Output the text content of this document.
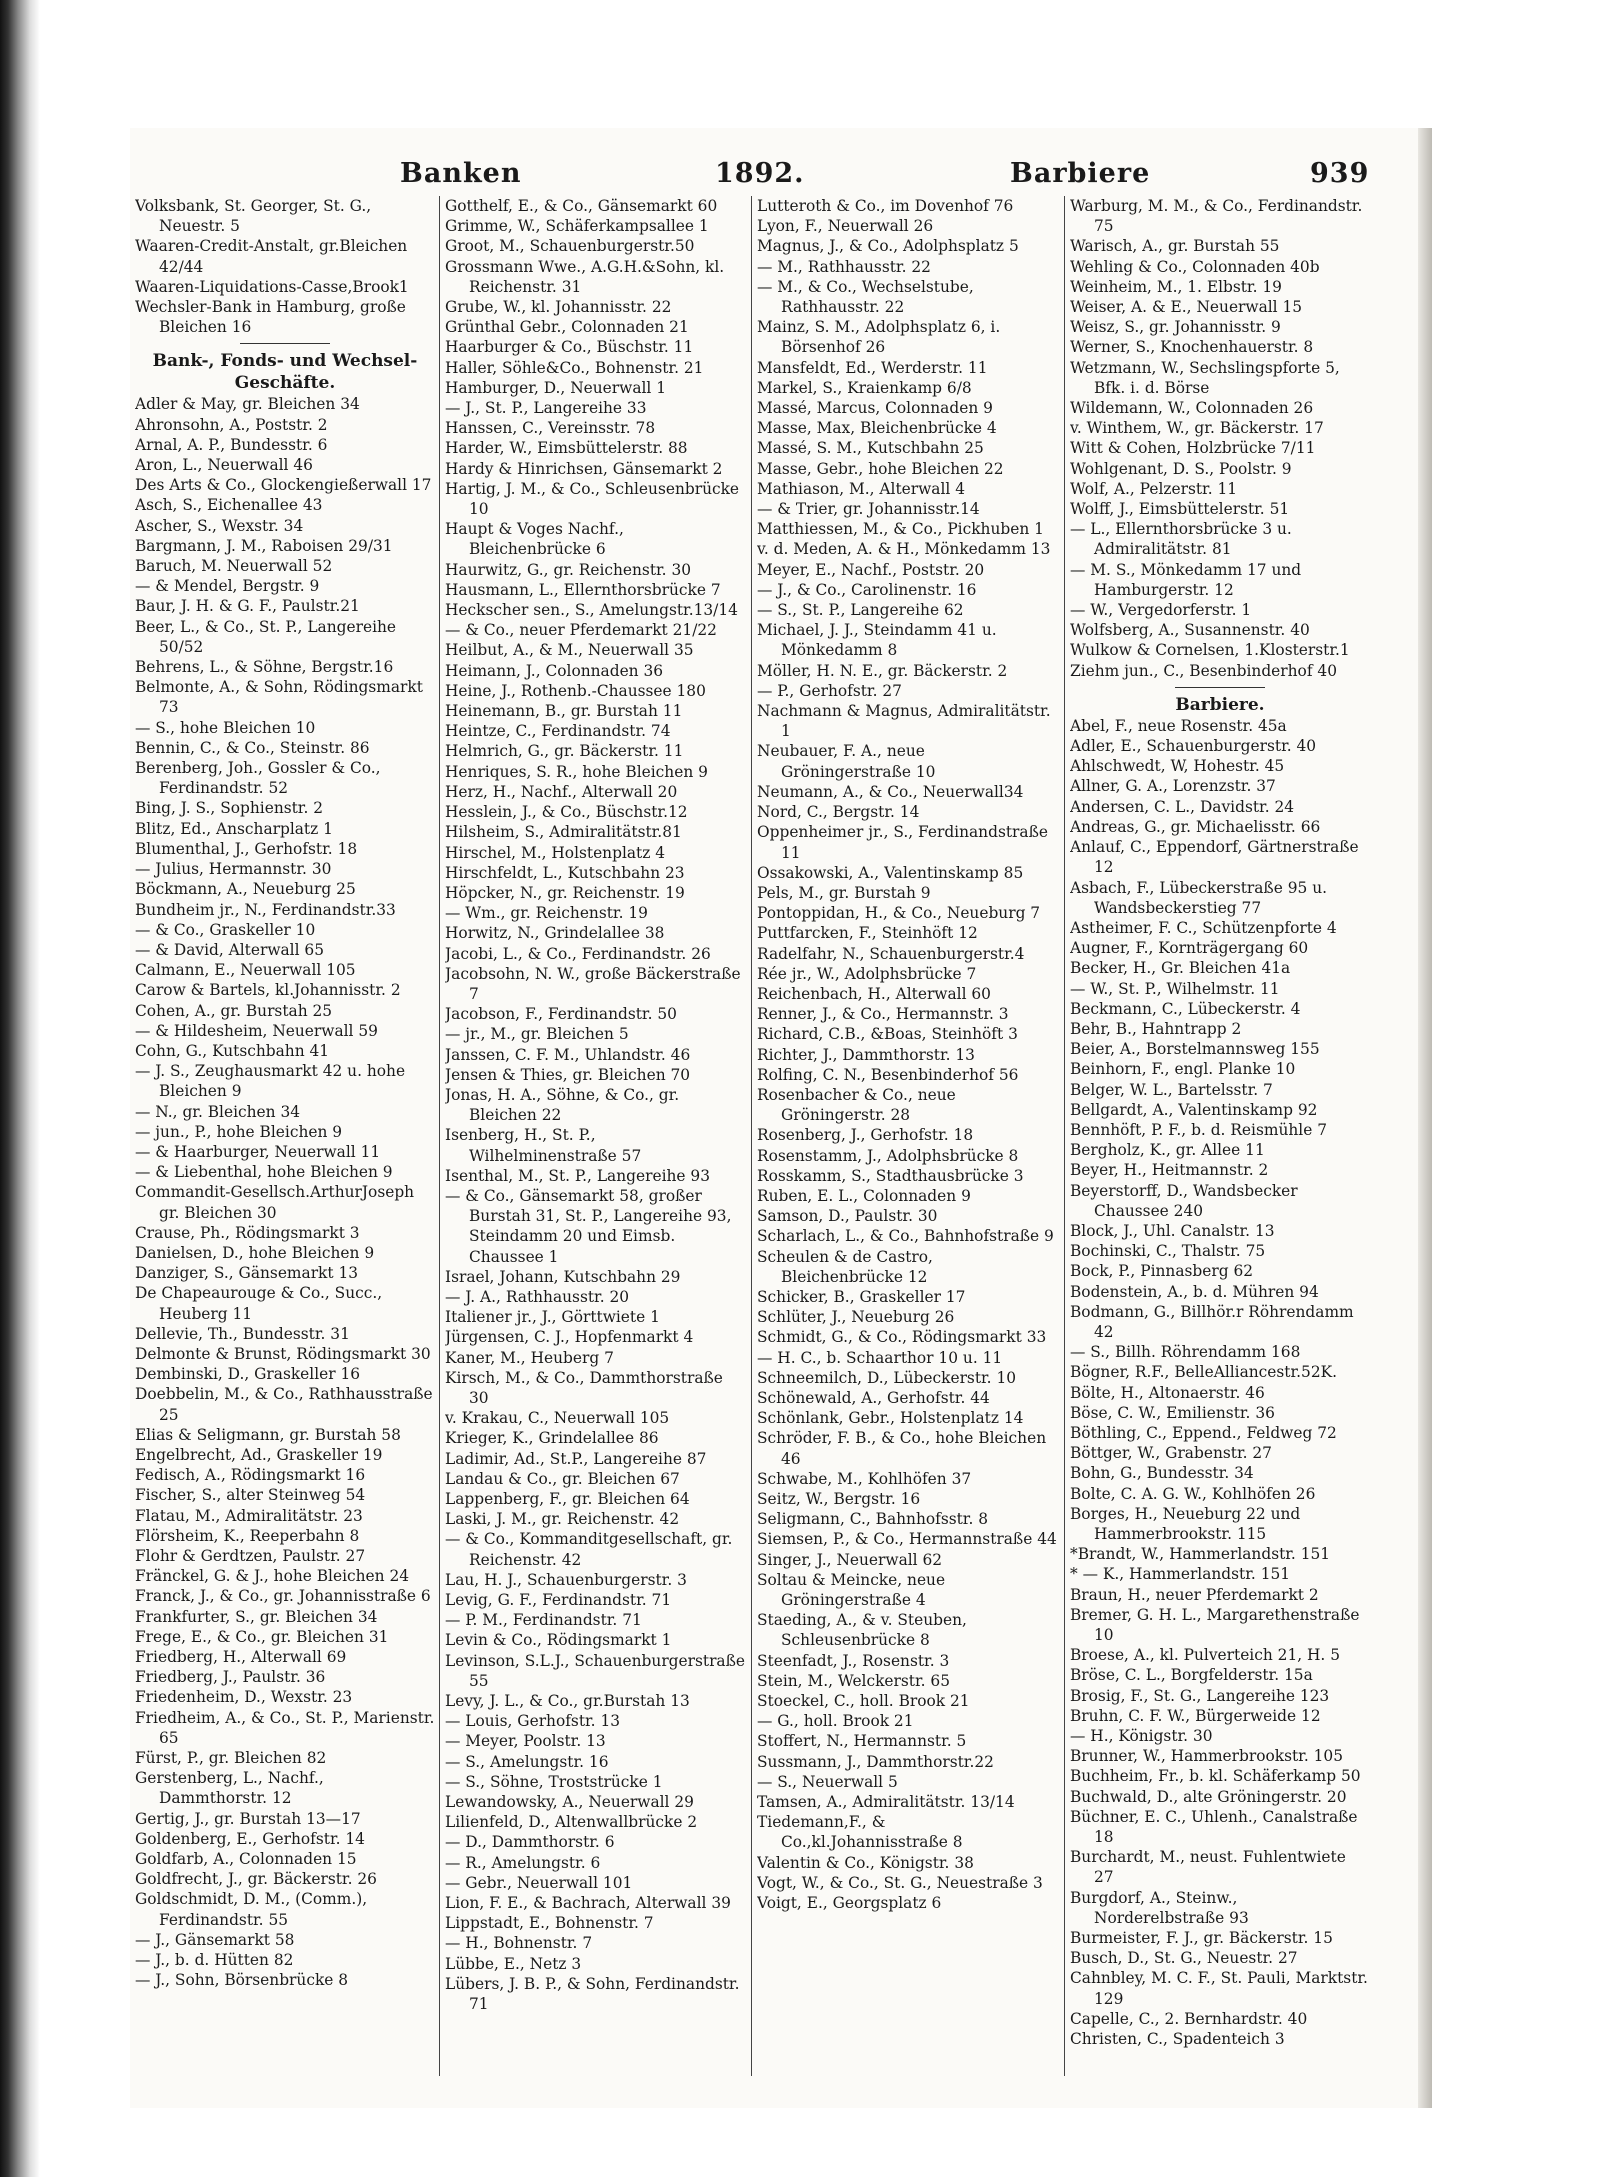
Banken	1892.	Barbiere	939
Volksbank, St. Georger, St. G., Neuestr. 5
Waaren-Credit-Anstalt, gr.Bleichen 42/44
Waaren-Liquidations-Casse,Brook1
Wechsler-Bank in Hamburg, große Bleichen 16
Bank-, Fonds- und Wechsel-Geschäfte.
Adler & May, gr. Bleichen 34
Ahronsohn, A., Poststr. 2
Arnal, A. P., Bundesstr. 6
Aron, L., Neuerwall 46
Des Arts & Co., Glockengießerwall 17
Asch, S., Eichenallee 43
Ascher, S., Wexstr. 34
Bargmann, J. M., Raboisen 29/31
Baruch, M. Neuerwall 52
— & Mendel, Bergstr. 9
Baur, J. H. & G. F., Paulstr.21
Beer, L., & Co., St. P., Langereihe 50/52
Behrens, L., & Söhne, Bergstr.16
Belmonte, A., & Sohn, Rödingsmarkt 73
— S., hohe Bleichen 10
Bennin, C., & Co., Steinstr. 86
Berenberg, Joh., Gossler & Co., Ferdinandstr. 52
Bing, J. S., Sophienstr. 2
Blitz, Ed., Anscharplatz 1
Blumenthal, J., Gerhofstr. 18
— Julius, Hermannstr. 30
Böckmann, A., Neueburg 25
Bundheim jr., N., Ferdinandstr.33
— & Co., Graskeller 10
— & David, Alterwall 65
Calmann, E., Neuerwall 105
Carow & Bartels, kl.Johannisstr. 2
Cohen, A., gr. Burstah 25
— & Hildesheim, Neuerwall 59
Cohn, G., Kutschbahn 41
— J. S., Zeughausmarkt 42 u. hohe Bleichen 9
— N., gr. Bleichen 34
— jun., P., hohe Bleichen 9
— & Haarburger, Neuerwall 11
— & Liebenthal, hohe Bleichen 9
Commandit-Gesellsch.ArthurJoseph gr. Bleichen 30
Crause, Ph., Rödingsmarkt 3
Danielsen, D., hohe Bleichen 9
Danziger, S., Gänsemarkt 13
De Chapeaurouge & Co., Succ., Heuberg 11
Dellevie, Th., Bundesstr. 31
Delmonte & Brunst, Rödingsmarkt 30
Dembinski, D., Graskeller 16
Doebbelin, M., & Co., Rathhausstraße 25
Elias & Seligmann, gr. Burstah 58
Engelbrecht, Ad., Graskeller 19
Fedisch, A., Rödingsmarkt 16
Fischer, S., alter Steinweg 54
Flatau, M., Admiralitätstr. 23
Flörsheim, K., Reeperbahn 8
Flohr & Gerdtzen, Paulstr. 27
Fränckel, G. & J., hohe Bleichen 24
Franck, J., & Co., gr. Johannisstraße 6
Frankfurter, S., gr. Bleichen 34
Frege, E., & Co., gr. Bleichen 31
Friedberg, H., Alterwall 69
Friedberg, J., Paulstr. 36
Friedenheim, D., Wexstr. 23
Friedheim, A., & Co., St. P., Marienstr. 65
Fürst, P., gr. Bleichen 82
Gerstenberg, L., Nachf., Dammthorstr. 12
Gertig, J., gr. Burstah 13—17
Goldenberg, E., Gerhofstr. 14
Goldfarb, A., Colonnaden 15
Goldfrecht, J., gr. Bäckerstr. 26
Goldschmidt, D. M., (Comm.), Ferdinandstr. 55
— J., Gänsemarkt 58
— J., b. d. Hütten 82
— J., Sohn, Börsenbrücke 8
Gotthelf, E., & Co., Gänsemarkt 60
Grimme, W., Schäferkampsallee 1
Groot, M., Schauenburgerstr.50
Grossmann Wwe., A.G.H.&Sohn, kl. Reichenstr. 31
Grube, W., kl. Johannisstr. 22
Grünthal Gebr., Colonnaden 21
Haarburger & Co., Büschstr. 11
Haller, Söhle&Co., Bohnenstr. 21
Hamburger, D., Neuerwall 1
— J., St. P., Langereihe 33
Hanssen, C., Vereinsstr. 78
Harder, W., Eimsbüttelerstr. 88
Hardy & Hinrichsen, Gänsemarkt 2
Hartig, J. M., & Co., Schleusenbrücke 10
Haupt & Voges Nachf., Bleichenbrücke 6
Haurwitz, G., gr. Reichenstr. 30
Hausmann, L., Ellernthorsbrücke 7
Heckscher sen., S., Amelungstr.13/14
— & Co., neuer Pferdemarkt 21/22
Heilbut, A., & M., Neuerwall 35
Heimann, J., Colonnaden 36
Heine, J., Rothenb.-Chaussee 180
Heinemann, B., gr. Burstah 11
Heintze, C., Ferdinandstr. 74
Helmrich, G., gr. Bäckerstr. 11
Henriques, S. R., hohe Bleichen 9
Herz, H., Nachf., Alterwall 20
Hesslein, J., & Co., Büschstr.12
Hilsheim, S., Admiralitätstr.81
Hirschel, M., Holstenplatz 4
Hirschfeldt, L., Kutschbahn 23
Höpcker, N., gr. Reichenstr. 19
— Wm., gr. Reichenstr. 19
Horwitz, N., Grindelallee 38
Jacobi, L., & Co., Ferdinandstr. 26
Jacobsohn, N. W., große Bäckerstraße 7
Jacobson, F., Ferdinandstr. 50
— jr., M., gr. Bleichen 5
Janssen, C. F. M., Uhlandstr. 46
Jensen & Thies, gr. Bleichen 70
Jonas, H. A., Söhne, & Co., gr. Bleichen 22
Isenberg, H., St. P., Wilhelminenstraße 57
Isenthal, M., St. P., Langereihe 93
— & Co., Gänsemarkt 58, großer Burstah 31, St. P., Langereihe 93, Steindamm 20 und Eimsb. Chaussee 1
Israel, Johann, Kutschbahn 29
— J. A., Rathhausstr. 20
Italiener jr., J., Görttwiete 1
Jürgensen, C. J., Hopfenmarkt 4
Kaner, M., Heuberg 7
Kirsch, M., & Co., Dammthorstraße 30
v. Krakau, C., Neuerwall 105
Krieger, K., Grindelallee 86
Ladimir, Ad., St.P., Langereihe 87
Landau & Co., gr. Bleichen 67
Lappenberg, F., gr. Bleichen 64
Laski, J. M., gr. Reichenstr. 42
— & Co., Kommanditgesellschaft, gr. Reichenstr. 42
Lau, H. J., Schauenburgerstr. 3
Levig, G. F., Ferdinandstr. 71
— P. M., Ferdinandstr. 71
Levin & Co., Rödingsmarkt 1
Levinson, S.L.J., Schauenburgerstraße 55
Levy, J. L., & Co., gr.Burstah 13
— Louis, Gerhofstr. 13
— Meyer, Poolstr. 13
— S., Amelungstr. 16
— S., Söhne, Troststrücke 1
Lewandowsky, A., Neuerwall 29
Lilienfeld, D., Altenwallbrücke 2
— D., Dammthorstr. 6
— R., Amelungstr. 6
— Gebr., Neuerwall 101
Lion, F. E., & Bachrach, Alterwall 39
Lippstadt, E., Bohnenstr. 7
— H., Bohnenstr. 7
Lübbe, E., Netz 3
Lübers, J. B. P., & Sohn, Ferdinandstr. 71
Lutteroth & Co., im Dovenhof 76
Lyon, F., Neuerwall 26
Magnus, J., & Co., Adolphsplatz 5
— M., Rathhausstr. 22
— M., & Co., Wechselstube, Rathhausstr. 22
Mainz, S. M., Adolphsplatz 6, i. Börsenhof 26
Mansfeldt, Ed., Werderstr. 11
Markel, S., Kraienkamp 6/8
Massé, Marcus, Colonnaden 9
Masse, Max, Bleichenbrücke 4
Massé, S. M., Kutschbahn 25
Masse, Gebr., hohe Bleichen 22
Mathiason, M., Alterwall 4
— & Trier, gr. Johannisstr.14
Matthiessen, M., & Co., Pickhuben 1
v. d. Meden, A. & H., Mönkedamm 13
Meyer, E., Nachf., Poststr. 20
— J., & Co., Carolinenstr. 16
— S., St. P., Langereihe 62
Michael, J. J., Steindamm 41 u. Mönkedamm 8
Möller, H. N. E., gr. Bäckerstr. 2
— P., Gerhofstr. 27
Nachmann & Magnus, Admiralitätstr. 1
Neubauer, F. A., neue Gröningerstraße 10
Neumann, A., & Co., Neuerwall34
Nord, C., Bergstr. 14
Oppenheimer jr., S., Ferdinandstraße 11
Ossakowski, A., Valentinskamp 85
Pels, M., gr. Burstah 9
Pontoppidan, H., & Co., Neueburg 7
Puttfarcken, F., Steinhöft 12
Radelfahr, N., Schauenburgerstr.4
Rée jr., W., Adolphsbrücke 7
Reichenbach, H., Alterwall 60
Renner, J., & Co., Hermannstr. 3
Richard, C.B., &Boas, Steinhöft 3
Richter, J., Dammthorstr. 13
Rolfing, C. N., Besenbinderhof 56
Rosenbacher & Co., neue Gröningerstr. 28
Rosenberg, J., Gerhofstr. 18
Rosenstamm, J., Adolphsbrücke 8
Rosskamm, S., Stadthausbrücke 3
Ruben, E. L., Colonnaden 9
Samson, D., Paulstr. 30
Scharlach, L., & Co., Bahnhofstraße 9
Scheulen & de Castro, Bleichenbrücke 12
Schicker, B., Graskeller 17
Schlüter, J., Neueburg 26
Schmidt, G., & Co., Rödingsmarkt 33
— H. C., b. Schaarthor 10 u. 11
Schneemilch, D., Lübeckerstr. 10
Schönewald, A., Gerhofstr. 44
Schönlank, Gebr., Holstenplatz 14
Schröder, F. B., & Co., hohe Bleichen 46
Schwabe, M., Kohlhöfen 37
Seitz, W., Bergstr. 16
Seligmann, C., Bahnhofsstr. 8
Siemsen, P., & Co., Hermannstraße 44
Singer, J., Neuerwall 62
Soltau & Meincke, neue Gröningerstraße 4
Staeding, A., & v. Steuben, Schleusenbrücke 8
Steenfadt, J., Rosenstr. 3
Stein, M., Welckerstr. 65
Stoeckel, C., holl. Brook 21
— G., holl. Brook 21
Stoffert, N., Hermannstr. 5
Sussmann, J., Dammthorstr.22
— S., Neuerwall 5
Tamsen, A., Admiralitätstr. 13/14
Tiedemann,F., & Co.,kl.Johannisstraße 8
Valentin & Co., Königstr. 38
Vogt, W., & Co., St. G., Neuestraße 3
Voigt, E., Georgsplatz 6
Warburg, M. M., & Co., Ferdinandstr. 75
Warisch, A., gr. Burstah 55
Wehling & Co., Colonnaden 40b
Weinheim, M., 1. Elbstr. 19
Weiser, A. & E., Neuerwall 15
Weisz, S., gr. Johannisstr. 9
Werner, S., Knochenhauerstr. 8
Wetzmann, W., Sechslingspforte 5, Bfk. i. d. Börse
Wildemann, W., Colonnaden 26
v. Winthem, W., gr. Bäckerstr. 17
Witt & Cohen, Holzbrücke 7/11
Wohlgenant, D. S., Poolstr. 9
Wolf, A., Pelzerstr. 11
Wolff, J., Eimsbüttelerstr. 51
— L., Ellernthorsbrücke 3 u. Admiralitätstr. 81
— M. S., Mönkedamm 17 und Hamburgerstr. 12
— W., Vergedorferstr. 1
Wolfsberg, A., Susannenstr. 40
Wulkow & Cornelsen, 1.Klosterstr.1
Ziehm jun., C., Besenbinderhof 40
Barbiere.
Abel, F., neue Rosenstr. 45a
Adler, E., Schauenburgerstr. 40
Ahlschwedt, W, Hohestr. 45
Allner, G. A., Lorenzstr. 37
Andersen, C. L., Davidstr. 24
Andreas, G., gr. Michaelisstr. 66
Anlauf, C., Eppendorf, Gärtnerstraße 12
Asbach, F., Lübeckerstraße 95 u. Wandsbeckerstieg 77
Astheimer, F. C., Schützenpforte 4
Augner, F., Kornträgergang 60
Becker, H., Gr. Bleichen 41a
— W., St. P., Wilhelmstr. 11
Beckmann, C., Lübeckerstr. 4
Behr, B., Hahntrapp 2
Beier, A., Borstelmannsweg 155
Beinhorn, F., engl. Planke 10
Belger, W. L., Bartelsstr. 7
Bellgardt, A., Valentinskamp 92
Bennhöft, P. F., b. d. Reismühle 7
Bergholz, K., gr. Allee 11
Beyer, H., Heitmannstr. 2
Beyerstorff, D., Wandsbecker Chaussee 240
Block, J., Uhl. Canalstr. 13
Bochinski, C., Thalstr. 75
Bock, P., Pinnasberg 62
Bodenstein, A., b. d. Mühren 94
Bodmann, G., Billhör.r Röhrendamm 42
— S., Billh. Röhrendamm 168
Bögner, R.F., BelleAlliancestr.52K.
Bölte, H., Altonaerstr. 46
Böse, C. W., Emilienstr. 36
Böthling, C., Eppend., Feldweg 72
Böttger, W., Grabenstr. 27
Bohn, G., Bundesstr. 34
Bolte, C. A. G. W., Kohlhöfen 26
Borges, H., Neueburg 22 und Hammerbrookstr. 115
*Brandt, W., Hammerlandstr. 151
* — K., Hammerlandstr. 151
Braun, H., neuer Pferdemarkt 2
Bremer, G. H. L., Margarethenstraße 10
Broese, A., kl. Pulverteich 21, H. 5
Bröse, C. L., Borgfelderstr. 15a
Brosig, F., St. G., Langereihe 123
Bruhn, C. F. W., Bürgerweide 12
— H., Königstr. 30
Brunner, W., Hammerbrookstr. 105
Buchheim, Fr., b. kl. Schäferkamp 50
Buchwald, D., alte Gröningerstr. 20
Büchner, E. C., Uhlenh., Canalstraße 18
Burchardt, M., neust. Fuhlentwiete 27
Burgdorf, A., Steinw., Norderelbstraße 93
Burmeister, F. J., gr. Bäckerstr. 15
Busch, D., St. G., Neuestr. 27
Cahnbley, M. C. F., St. Pauli, Marktstr. 129
Capelle, C., 2. Bernhardstr. 40
Christen, C., Spadenteich 3
